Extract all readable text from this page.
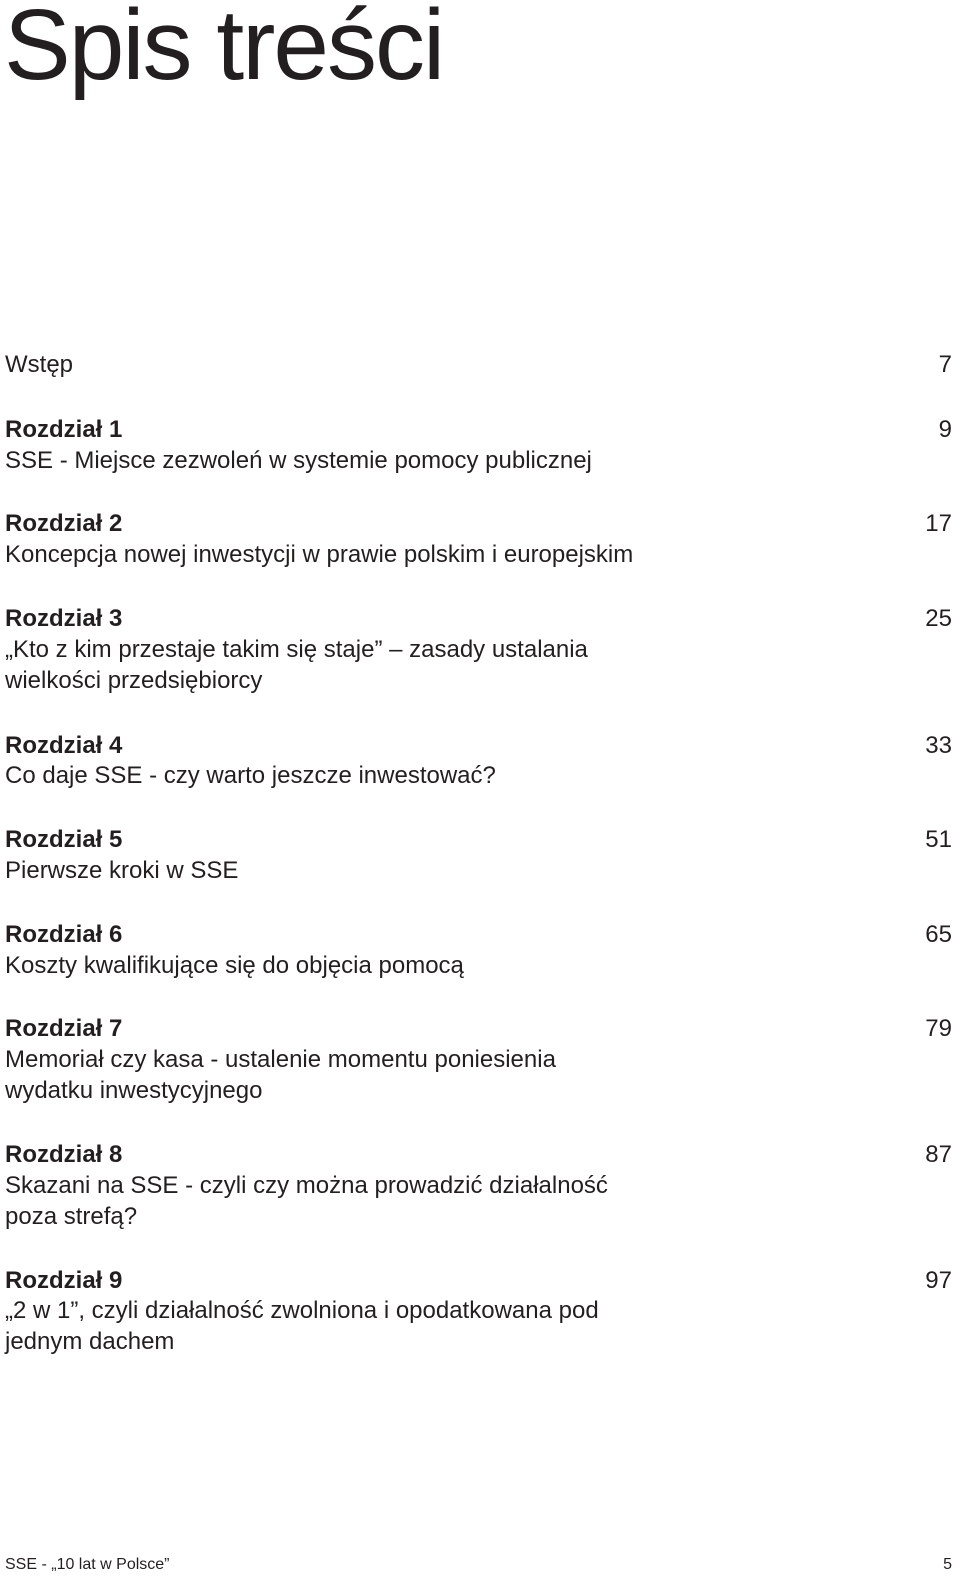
Spis treści
Wstęp	7
Rozdział 1	9
SSE - Miejsce zezwoleń w systemie pomocy publicznej
Rozdział 2	17
Koncepcja nowej inwestycji w prawie polskim i europejskim
Rozdział 3	25
„Kto z kim przestaje takim się staje” – zasady ustalania
wielkości przedsiębiorcy
Rozdział 4	33
Co daje SSE - czy warto jeszcze inwestować?
Rozdział 5	51
Pierwsze kroki w SSE
Rozdział 6	65
Koszty kwalifikujące się do objęcia pomocą
Rozdział 7	79
Memoriał czy kasa - ustalenie momentu poniesienia
wydatku inwestycyjnego
Rozdział 8	87
Skazani na SSE - czyli czy można prowadzić działalność
poza strefą?
Rozdział 9	97
„2 w 1”, czyli działalność zwolniona i opodatkowana pod
jednym dachem
SSE - „10 lat w Polsce”	5
